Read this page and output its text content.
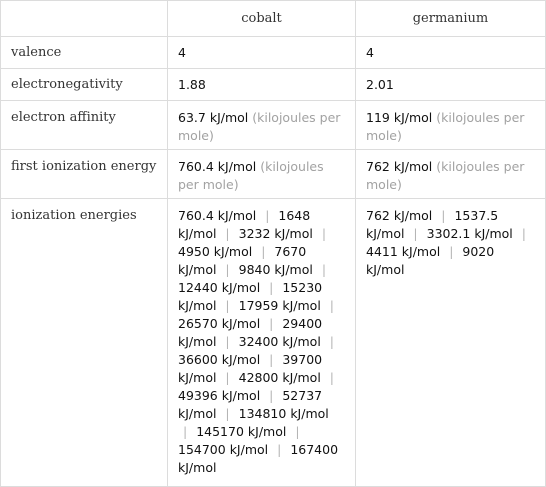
	cobalt	germanium
valence	4	4
electronegativity	1.88	2.01
electron affinity	63.7 kJ/mol (kilojoules per mole)	119 kJ/mol (kilojoules per mole)
first ionization energy	760.4 kJ/mol (kilojoules per mole)	762 kJ/mol (kilojoules per mole)
ionization energies	760.4 kJ/mol | 1648 kJ/mol | 3232 kJ/mol | 4950 kJ/mol | 7670 kJ/mol | 9840 kJ/mol | 12440 kJ/mol | 15230 kJ/mol | 17959 kJ/mol | 26570 kJ/mol | 29400 kJ/mol | 32400 kJ/mol | 36600 kJ/mol | 39700 kJ/mol | 42800 kJ/mol | 49396 kJ/mol | 52737 kJ/mol | 134810 kJ/mol | 145170 kJ/mol | 154700 kJ/mol | 167400 kJ/mol	762 kJ/mol | 1537.5 kJ/mol | 3302.1 kJ/mol | 4411 kJ/mol | 9020 kJ/mol
